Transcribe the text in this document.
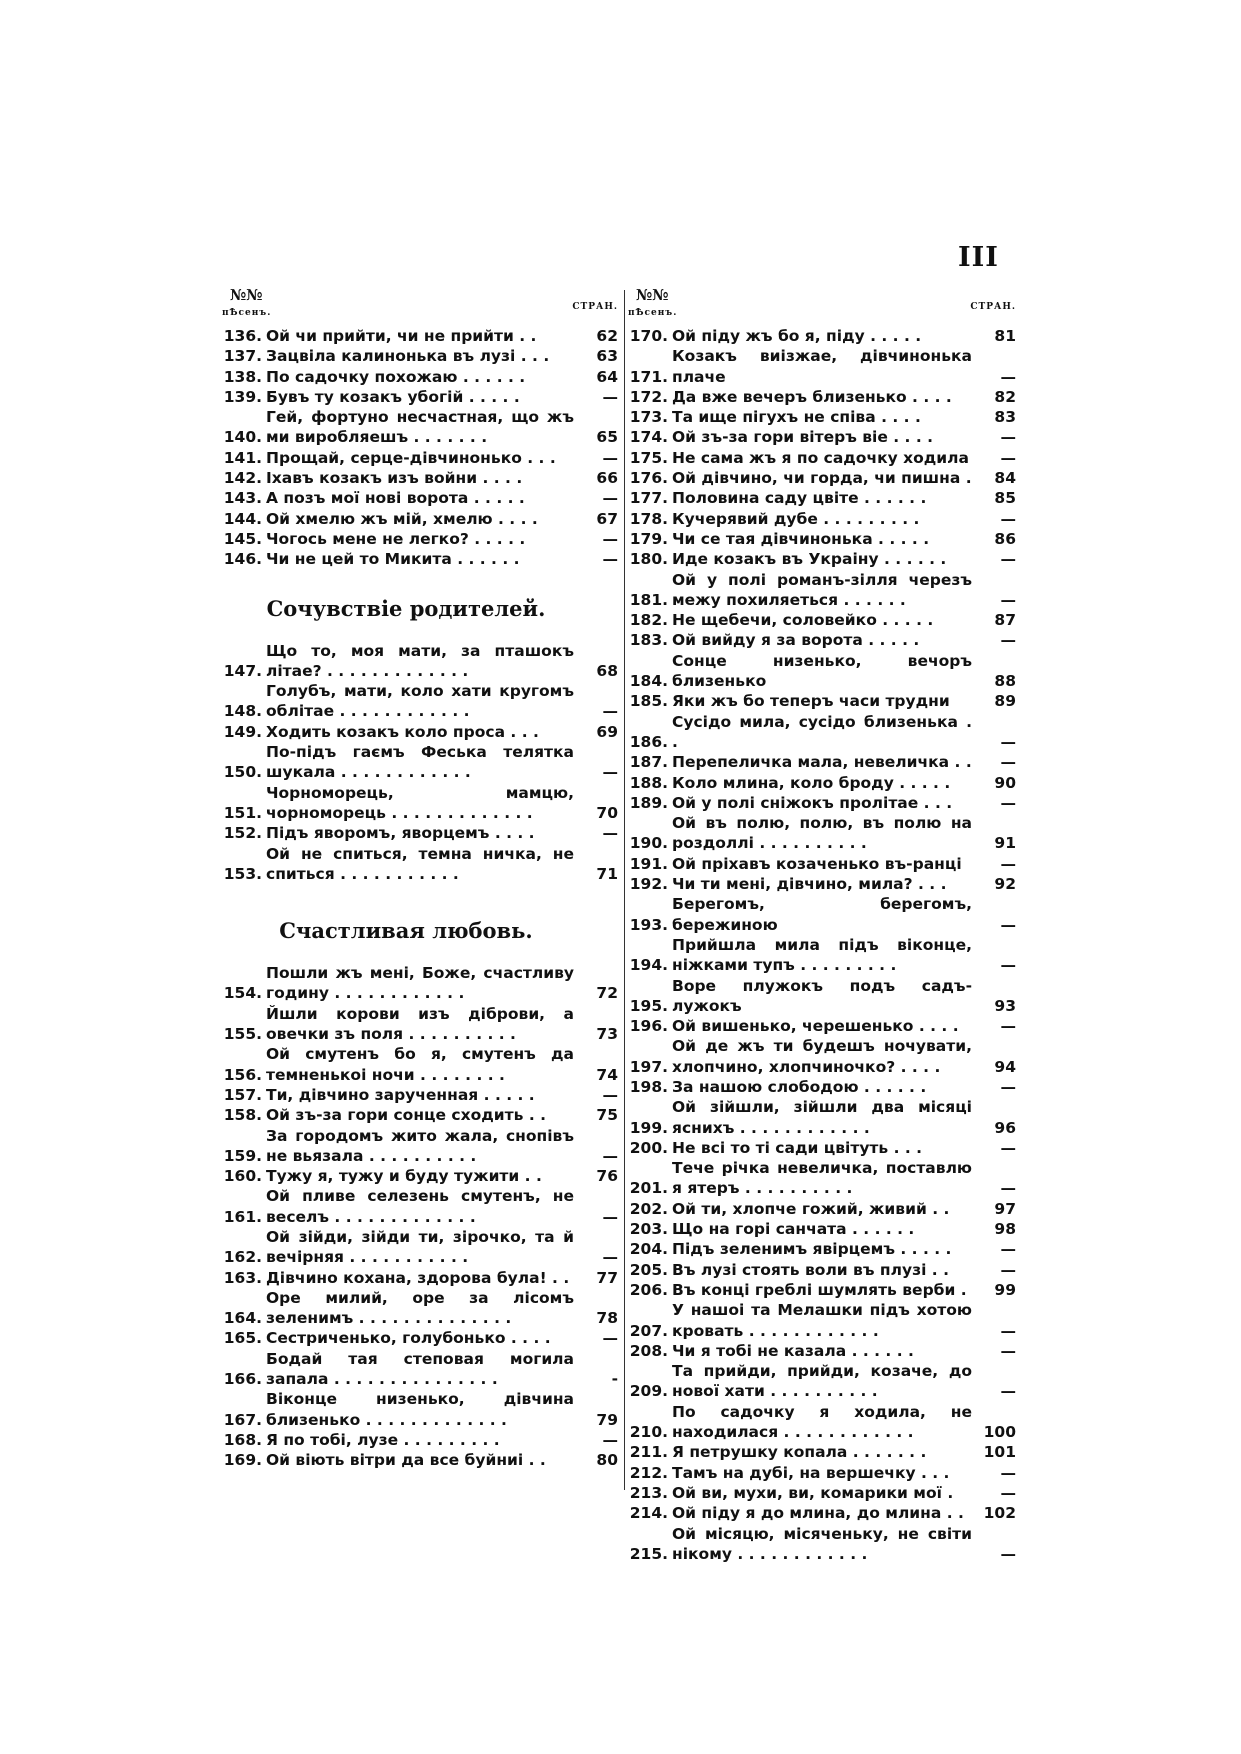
III
№№
пѢсенъ.
СТРАН.
136. Ой чи прийти, чи не прийти . .	62
137. Зацвіла калинонька въ лузі . . .	63
138. По садочку похожаю . . . . . .	64
139. Бувъ ту козакъ убогій . . . . .	—
140.
Гей, фортуно несчастная, що жъ ми виробляешъ . . . . . . .	65
141. Прощай, серце-дівчинонько . . .	—
142. Іхавъ козакъ изъ войни . . . .	66
143. А позъ мої нові ворота . . . . .	—
144. Ой хмелю жъ мій, хмелю . . . .	67
145. Чогось мене не легко? . . . . .	—
146. Чи не цей то Микита . . . . . .	—
Сочувствіе родителей.
147.
Що то, моя мати, за пташокъ літае? . . . . . . . . . . . . .	68
148.
Голубъ, мати, коло хати кругомъ облітае . . . . . . . . . . . .	—
149. Ходить козакъ коло проса . . .	69
150.
По-підъ гаємъ Феська телятка шукала . . . . . . . . . . . .	—
151.
Чорноморець, мамцю, чорноморець . . . . . . . . . . . . .	70
152. Підъ яворомъ, яворцемъ . . . .	—
153.
Ой не спиться, темна ничка, не спиться . . . . . . . . . . .	71
Счастливая любовь.
154.
Пошли жъ мені, Боже, счастливу годину . . . . . . . . . . . .	72
155.
Йшли корови изъ діброви, а овечки зъ поля . . . . . . . . . .	73
156.
Ой смутенъ бо я, смутенъ да темненькоі ночи . . . . . . . .	74
157. Ти, дівчино зарученная . . . . .	—
158. Ой зъ-за гори сонце сходить . .	75
159.
За городомъ жито жала, снопівъ не вьязала . . . . . . . . . .	—
160. Тужу я, тужу и буду тужити . .	76
161.
Ой пливе селезень смутенъ, не веселъ . . . . . . . . . . . . .	—
162.
Ой зійди, зійди ти, зірочко, та й вечірняя . . . . . . . . . . .	—
163. Дівчино кохана, здорова була! . .	77
164.
Оре милий, оре за лісомъ зеленимъ . . . . . . . . . . . . . .	78
165. Сестриченько, голубонько . . . .	—
166.
Бодай тая степовая могила запала . . . . . . . . . . . . . . .	-
167.
Віконце низенько, дівчина близенько . . . . . . . . . . . . .	79
168. Я по тобі, лузе . . . . . . . . .	—
169. Ой віють вітри да все буйниі . .	80
№№
пѢсенъ.
СТРАН.
170. Ой піду жъ бо я, піду . . . . .	81
171.
Козакъ виізжае, дівчинонька плаче	—
172. Да вже вечеръ близенько . . . .	82
173. Та ище пігухъ не співа . . . .	83
174. Ой зъ-за гори вітеръ віе . . . .	—
175. Не сама жъ я по садочку ходила	—
176. Ой дівчино, чи горда, чи пишна .	84
177. Половина саду цвіте . . . . . .	85
178. Кучерявий дубе . . . . . . . . .	—
179. Чи се тая дівчинонька . . . . .	86
180. Иде козакъ въ Украіну . . . . . .	—
181.
Ой у полі романъ-зілля черезъ межу похиляеться . . . . . .	—
182. Не щебечи, соловейко . . . . .	87
183. Ой вийду я за ворота . . . . .	—
184.
Сонце низенько, вечоръ близенько	88
185. Яки жъ бо теперъ часи трудни	89
186.
Сусідо мила, сусідо близенька . .	—
187. Перепеличка мала, невеличка . .	—
188. Коло млина, коло броду . . . . .	90
189. Ой у полі сніжокъ пролітае . . .	—
190.
Ой въ полю, полю, въ полю на роздоллі . . . . . . . . . .	91
191. Ой пріхавъ козаченько въ-ранці	—
192. Чи ти мені, дівчино, мила? . . .	92
193.
Берегомъ, берегомъ, бережиною	—
194.
Прийшла мила підъ віконце, ніжками тупъ . . . . . . . . .	—
195.
Воре плужокъ подъ садъ-лужокъ	93
196. Ой вишенько, черешенько . . . .	—
197.
Ой де жъ ти будешъ ночувати, хлопчино, хлопчиночко? . . . .	94
198. За нашою слободою . . . . . .	—
199.
Ой зійшли, зійшли два місяці яснихъ . . . . . . . . . . . .	96
200. Не всі то ті сади цвітуть . . .	—
201.
Тече річка невеличка, поставлю я ятеръ . . . . . . . . . .	—
202. Ой ти, хлопче гожий, живий . .	97
203. Що на горі санчата . . . . . .	98
204. Підъ зеленимъ явірцемъ . . . . .	—
205. Въ лузі стоять воли въ плузі . .	—
206. Въ конці греблі шумлять верби .	99
207.
У нашоі та Мелашки підъ хотою кровать . . . . . . . . . . . .	—
208. Чи я тобі не казала . . . . . .	—
209.
Та прийди, прийди, козаче, до нової хати . . . . . . . . . .	—
210.
По садочку я ходила, не находилася . . . . . . . . . . . .	100
211. Я петрушку копала . . . . . . .	101
212. Тамъ на дубі, на вершечку . . .	—
213. Ой ви, мухи, ви, комарики мої .	—
214. Ой піду я до млина, до млина . .	102
215.
Ой місяцю, місяченьку, не світи нікому . . . . . . . . . . . .	—
